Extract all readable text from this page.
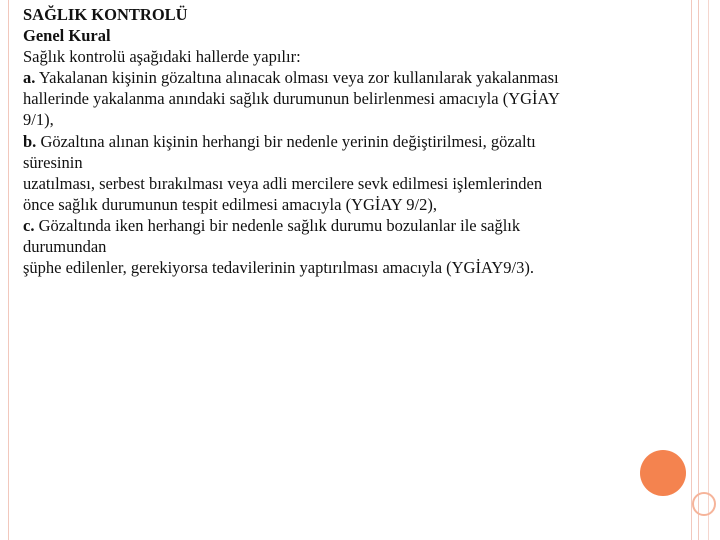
SAĞLIK KONTROLÜ
Genel Kural
Sağlık kontrolü aşağıdaki hallerde yapılır:
a. Yakalanan kişinin gözaltına alınacak olması veya zor kullanılarak yakalanması
hallerinde yakalanma anındaki sağlık durumunun belirlenmesi amacıyla (YGİAY
9/1),
b. Gözaltına alınan kişinin herhangi bir nedenle yerinin değiştirilmesi, gözaltı
süresinin
uzatılması, serbest bırakılması veya adli mercilere sevk edilmesi işlemlerinden
önce sağlık durumunun tespit edilmesi amacıyla (YGİAY 9/2),
c. Gözaltında iken herhangi bir nedenle sağlık durumu bozulanlar ile sağlık
durumundan
şüphe edilenler, gerekiyorsa tedavilerinin yaptırılması amacıyla (YGİAY9/3).
